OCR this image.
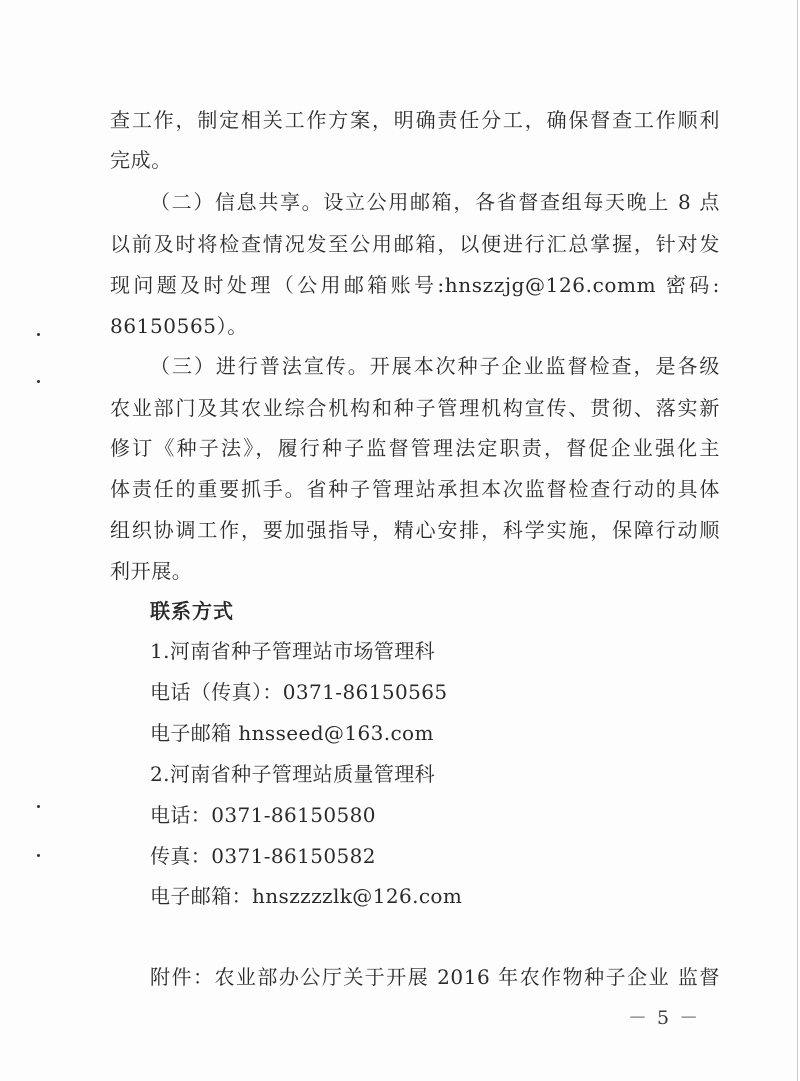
查工作，制定相关工作方案，明确责任分工，确保督查工作顺利
完成。
（二）信息共享。设立公用邮箱，各省督查组每天晚上 8 点
以前及时将检查情况发至公用邮箱，以便进行汇总掌握，针对发
现问题及时处理（公用邮箱账号:hnszzjg@126.comm 密码:
86150565）。
（三）进行普法宣传。开展本次种子企业监督检查，是各级
农业部门及其农业综合机构和种子管理机构宣传、贯彻、落实新
修订《种子法》，履行种子监督管理法定职责，督促企业强化主
体责任的重要抓手。省种子管理站承担本次监督检查行动的具体
组织协调工作，要加强指导，精心安排，科学实施，保障行动顺
利开展。
联系方式
1.河南省种子管理站市场管理科
电话（传真）：0371-86150565
电子邮箱 hnsseed@163.com
2.河南省种子管理站质量管理科
电话：0371-86150580
传真：0371-86150582
电子邮箱：hnszzzzlk@126.com
附件：农业部办公厅关于开展 2016 年农作物种子企业 监督
－ 5 －
